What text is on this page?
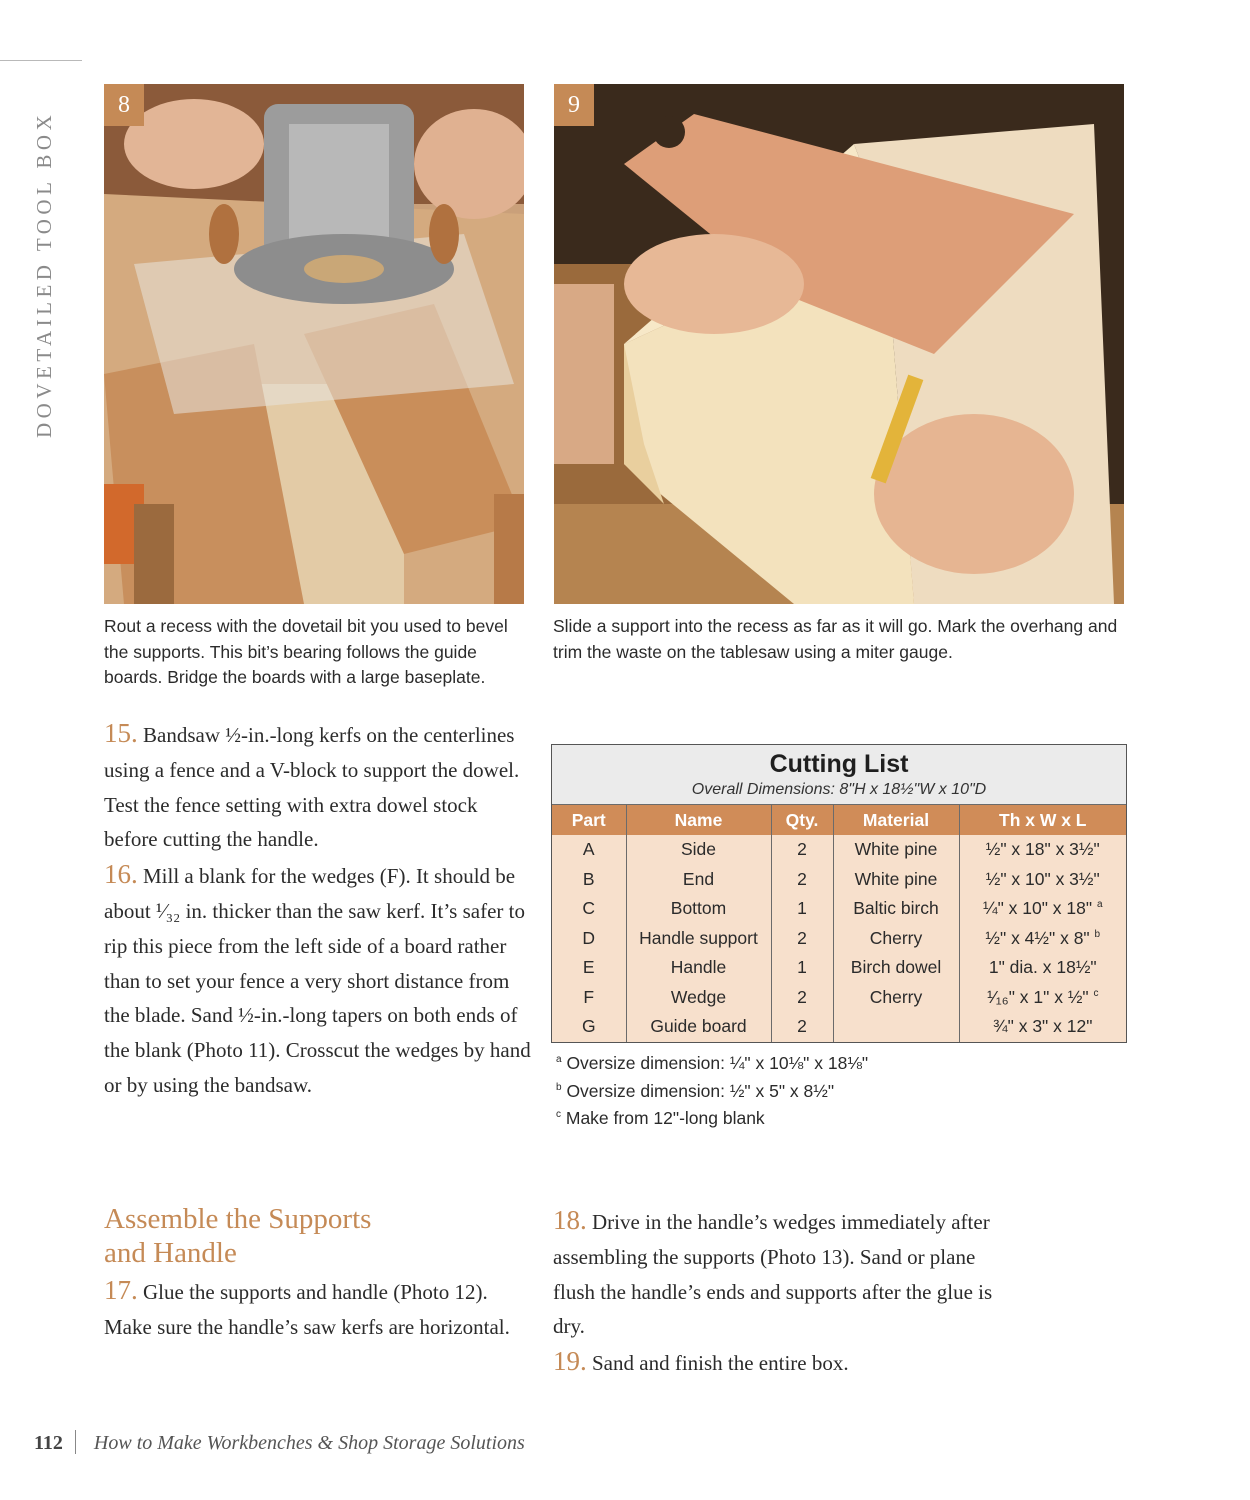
DOVETAILED TOOL BOX
8	9
Rout a recess with the dovetail bit you used to bevel the supports. This bit’s bearing follows the guide boards. Bridge the boards with a large baseplate.
Slide a support into the recess as far as it will go. Mark the overhang and trim the waste on the tablesaw using a miter gauge.

15. Bandsaw ½-in.-long kerfs on the centerlines using a fence and a V-block to support the dowel. Test the fence setting with extra dowel stock before cutting the handle.

16. Mill a blank for the wedges (F). It should be about ¹⁄₃₂ in. thicker than the saw kerf. It’s safer to rip this piece from the left side of a board rather than to set your fence a very short distance from the blade. Sand ½-in.-long tapers on both ends of the blank (Photo 11). Crosscut the wedges by hand or by using the bandsaw.

Assemble the Supports
and Handle

17. Glue the supports and handle (Photo 12). Make sure the handle’s saw kerfs are horizontal.

18. Drive in the handle’s wedges immediately after assembling the supports (Photo 13). Sand or plane flush the handle’s ends and supports after the glue is dry.

19. Sand and finish the entire box.

Cutting List
Overall Dimensions: 8"H x 18½"W x 10"D
Part	Name	Qty.	Material	Th x W x L
A	Side	2	White pine	½" x 18" x 3½"
B	End	2	White pine	½" x 10" x 3½"
C	Bottom	1	Baltic birch	¼" x 10" x 18" $^a$
D	Handle support	2	Cherry	½" x 4½" x 8" $^b$
E	Handle	1	Birch dowel	1" dia. x 18½"
F	Wedge	2	Cherry	¹⁄₁₆" x 1" x ½" $^c$
G	Guide board	2		¾" x 3" x 12"
$^a$ Oversize dimension: ¼" x 10⅛" x 18⅛"
$^b$ Oversize dimension: ½" x 5" x 8½"
$^c$ Make from 12"-long blank
112 How to Make Workbenches & Shop Storage Solutions
